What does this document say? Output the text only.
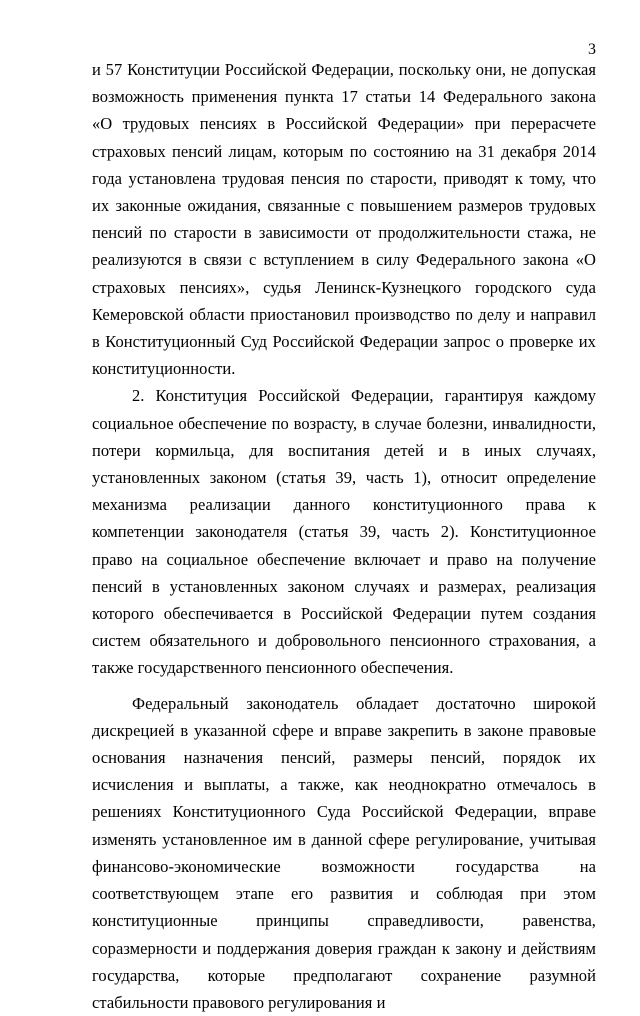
3

и 57 Конституции Российской Федерации, поскольку они, не допуская возможность применения пункта 17 статьи 14 Федерального закона «О трудовых пенсиях в Российской Федерации» при перерасчете страховых пенсий лицам, которым по состоянию на 31 декабря 2014 года установлена трудовая пенсия по старости, приводят к тому, что их законные ожидания, связанные с повышением размеров трудовых пенсий по старости в зависимости от продолжительности стажа, не реализуются в связи с вступлением в силу Федерального закона «О страховых пенсиях», судья Ленинск-Кузнецкого городского суда Кемеровской области приостановил производство по делу и направил в Конституционный Суд Российской Федерации запрос о проверке их конституционности.

2. Конституция Российской Федерации, гарантируя каждому социальное обеспечение по возрасту, в случае болезни, инвалидности, потери кормильца, для воспитания детей и в иных случаях, установленных законом (статья 39, часть 1), относит определение механизма реализации данного конституционного права к компетенции законодателя (статья 39, часть 2). Конституционное право на социальное обеспечение включает и право на получение пенсий в установленных законом случаях и размерах, реализация которого обеспечивается в Российской Федерации путем создания систем обязательного и добровольного пенсионного страхования, а также государственного пенсионного обеспечения.

Федеральный законодатель обладает достаточно широкой дискрецией в указанной сфере и вправе закрепить в законе правовые основания назначения пенсий, размеры пенсий, порядок их исчисления и выплаты, а также, как неоднократно отмечалось в решениях Конституционного Суда Российской Федерации, вправе изменять установленное им в данной сфере регулирование, учитывая финансово-экономические возможности государства на соответствующем этапе его развития и соблюдая при этом конституционные принципы справедливости, равенства, соразмерности и поддержания доверия граждан к закону и действиям государства, которые предполагают сохранение разумной стабильности правового регулирования и
